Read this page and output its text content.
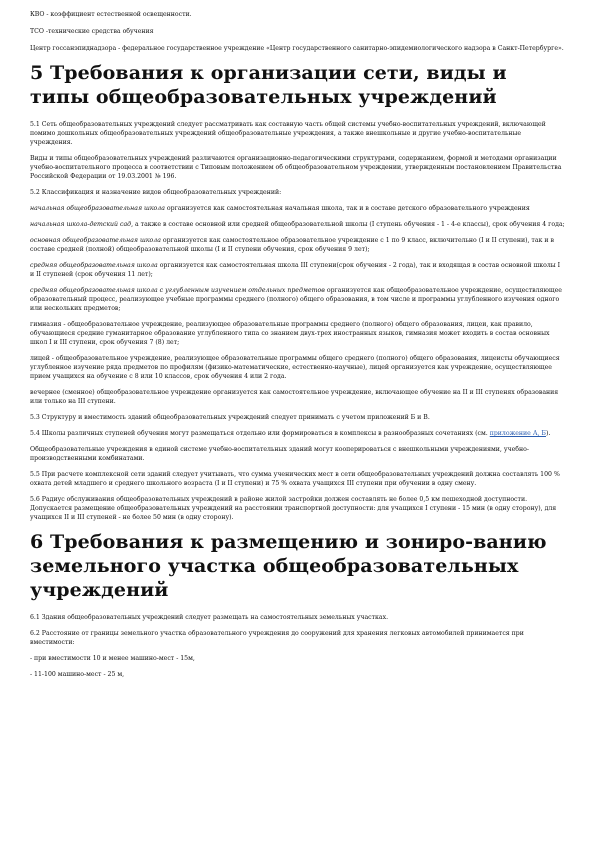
КВО - коэффициент естественной освещенности.

ТСО -технические средства обучения

Центр госсанэпиднадзора - федеральное государственное учреждение «Центр государственного санитарно-эпидемиологического надзора в Санкт-Петербурге».

5 Требования к организации сети, виды и типы общеобразовательных учреждений

5.1 Сеть общеобразовательных учреждений следует рассматривать как составную часть общей системы учебно-воспитательных учреждений, включающей помимо дошкольных общеобразовательных учреждений общеобразовательные учреждения, а также внешкольные и другие учебно-воспитательные учреждения.

Виды и типы общеобразовательных учреждений различаются организационно-педагогическими структурами, содержанием, формой и методами организации учебно-воспитательного процесса в соответствии с Типовым положением об общеобразовательном учреждении, утвержденным постановлением Правительства Российской Федерации от 19.03.2001 № 196.

5.2 Классификация и назначение видов общеобразовательных учреждений:

начальная общеобразовательная школа организуется как самостоятельная начальная школа, так и в составе детского образовательного учреждения

начальная школа-детский сад, а также в составе основной или средней общеобразовательной школы (I ступень обучения - 1 - 4-е классы), срок обучения 4 года;

основная общеобразовательная школа организуется как самостоятельное образовательное учреждение с 1 по 9 класс, включительно (I и II ступени), так и в составе средней (полной) общеобразовательной школы (I и II ступени обучения, срок обучения 9 лет);

средняя общеобразовательная школа организуется как самостоятельная школа III ступени(срок обучения - 2 года), так и входящая в состав основной школы I и II ступеней (срок обучения 11 лет);

средняя общеобразовательная школа с углубленным изучением отдельных предметов организуется как общеобразовательное учреждение, осуществляющее образовательный процесс, реализующее учебные программы среднего (полного) общего образования, в том числе и программы углубленного изучения одного или нескольких предметов;

гимназия - общеобразовательное учреждение, реализующее образовательные программы среднего (полного) общего образования, лицеи, как правило, обучающиеся средние гуманитарное образование углубленного типа со знанием двух-трех иностранных языков, гимназия может входить в состав основных школ I и III ступени, срок обучения 7 (8) лет;

лицей - общеобразовательное учреждение, реализующее образовательные программы общего среднего (полного) общего образования, лицеисты обучающиеся углубленное изучение ряда предметов по профилям (физико-математические, естественно-научные), лицей организуется как учреждение, осуществляющее прием учащихся на обучение с 8 или 10 классов, срок обучения 4 или 2 года.

вечернее (сменное) общеобразовательное учреждение организуется как самостоятельное учреждение, включающее обучение на II и III ступенях образования или только на III ступени.

5.3 Структуру и вместимость зданий общеобразовательных учреждений следует принимать с учетом приложений Б и В.

5.4 Школы различных ступеней обучения могут размещаться отдельно или формироваться в комплексы в разнообразных сочетаниях (см. приложение А, Б).

Общеобразовательные учреждения в единой системе учебно-воспитательных зданий могут кооперироваться с внешкольными учреждениями, учебно-производственными комбинатами.

5.5 При расчете комплексной сети зданий следует учитывать, что сумма ученических мест в сети общеобразовательных учреждений должна составлять 100 % охвата детей младшего и среднего школьного возраста (I и II ступени) и 75 % охвата учащихся III ступени при обучении в одну смену.

5.6 Радиус обслуживания общеобразовательных учреждений в районе жилой застройки должен составлять не более 0,5 км пешеходной доступности. Допускается размещение общеобразовательных учреждений на расстоянии транспортной доступности: для учащихся I ступени - 15 мин (в одну сторону), для учащихся II и III ступеней - не более 50 мин (в одну сторону).

6 Требования к размещению и зониро-ванию земельного участка общеобразовательных учреждений

6.1 Здания общеобразовательных учреждений следует размещать на самостоятельных земельных участках.

6.2 Расстояние от границы земельного участка образовательного учреждения до сооружений для хранения легковых автомобилей принимается при вместимости:

- при вместимости 10 и менее машино-мест - 15м,

- 11-100 машино-мест - 25 м,
